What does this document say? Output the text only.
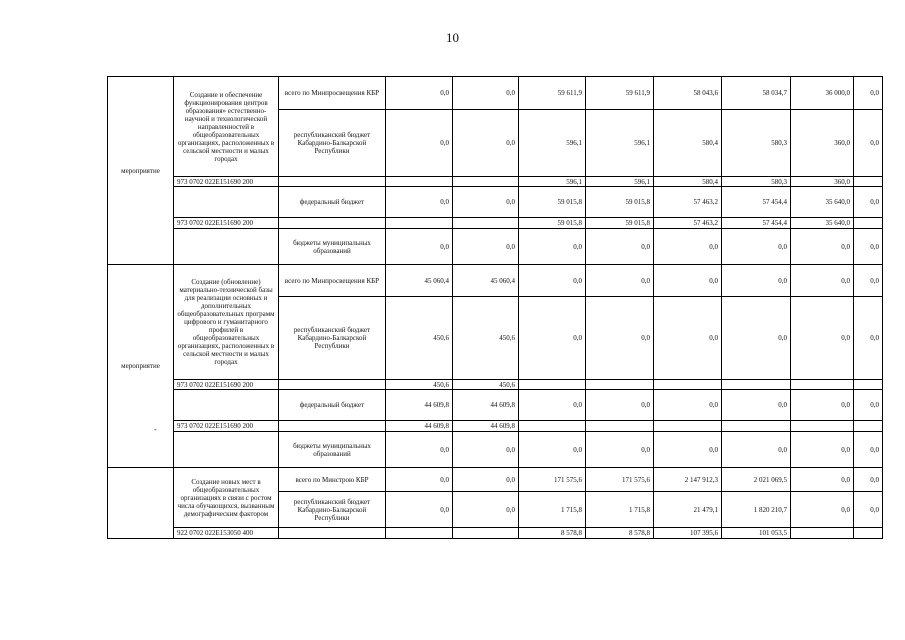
10
мероприятие	Создание и обеспечение функционирования центров образования» естественно-научной и технологической направленностей в общеобразовательных организациях, расположенных в сельской местности и малых городах	всего по Минпросвещения КБР	0,0	0,0	59 611,9	59 611,9	58 043,6	58 034,7	36 000,0	0,0
		республиканский бюджет Кабардино-Балкарской Республики	0,0	0,0	596,1	596,1	580,4	580,3	360,0	0,0
	973 0702 022E151690 200				596,1	596,1	580,4	580,3	360,0	
		федеральный бюджет	0,0	0,0	59 015,8	59 015,8	57 463,2	57 454,4	35 640,0	0,0
	973 0702 022E151690 200				59 015,8	59 015,8	57 463,2	57 454,4	35 640,0	
		бюджеты муниципальных образований	0,0	0,0	0,0	0,0	0,0	0,0	0,0	0,0
мероприятие	Создание (обновление) материально-технической базы для реализации основных и дополнительных общеобразовательных программ цифрового и гуманитарного профилей в общеобразовательных организациях, расположенных в сельской местности и малых городах	всего по Минпросвещения КБР	45 060,4	45 060,4	0,0	0,0	0,0	0,0	0,0	0,0
		республиканский бюджет Кабардино-Балкарской Республики	450,6	450,6	0,0	0,0	0,0	0,0	0,0	0,0
	973 0702 022E151690 200		450,6	450,6						
		федеральный бюджет	44 609,8	44 609,8	0,0	0,0	0,0	0,0	0,0	0,0
	973 0702 022E151690 200		44 609,8	44 609,8						
		бюджеты муниципальных образований	0,0	0,0	0,0	0,0	0,0	0,0	0,0	0,0
	Создание новых мест в общеобразовательных организациях в связи с ростом числа обучающихся, вызванным демографическим фактором	всего по Минстрою КБР	0,0	0,0	171 575,6	171 575,6	2 147 912,3	2 021 069,5	0,0	0,0
		республиканский бюджет Кабардино-Балкарской Республики	0,0	0,0	1 715,8	1 715,8	21 479,1	1 820 210,7	0,0	0,0
	922 0702 022E153050 400				8 578,8	8 578,8	107 395,6	101 053,5		
-
